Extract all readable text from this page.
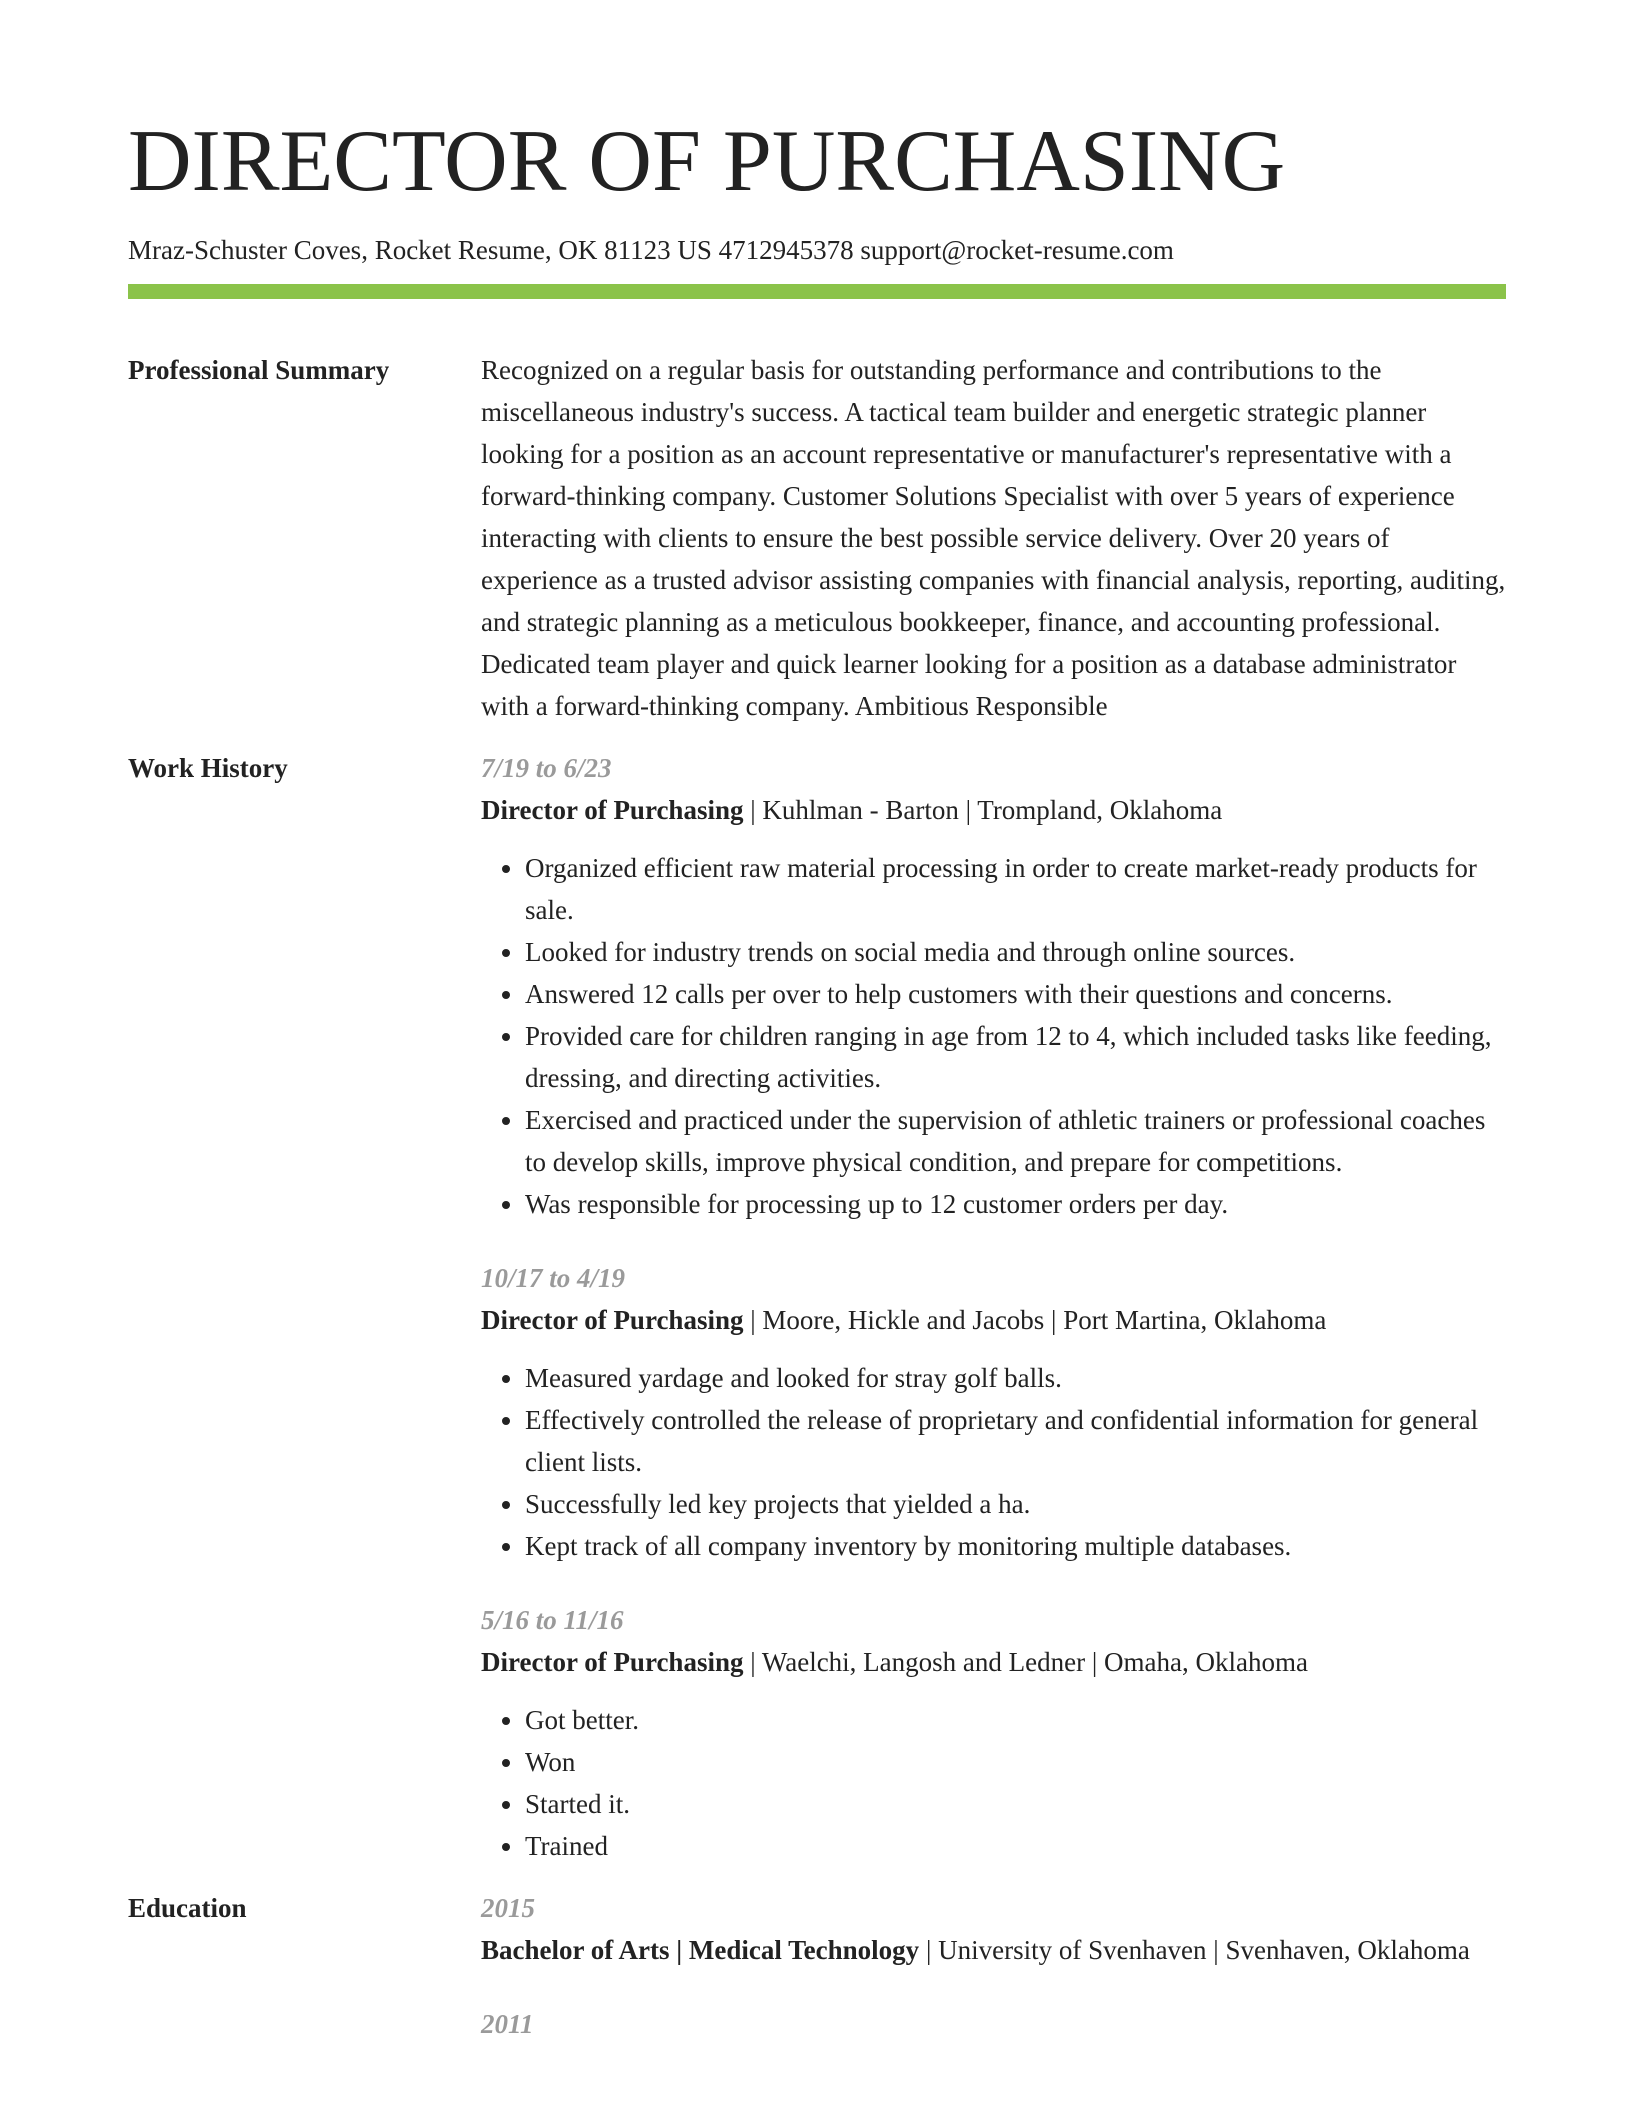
DIRECTOR OF PURCHASING
Mraz-Schuster Coves, Rocket Resume, OK 81123 US 4712945378 support@rocket-resume.com
Professional Summary	Recognized on a regular basis for outstanding performance and contributions to the miscellaneous industry's success. A tactical team builder and energetic strategic planner looking for a position as an account representative or manufacturer's representative with a forward-thinking company. Customer Solutions Specialist with over 5 years of experience interacting with clients to ensure the best possible service delivery. Over 20 years of experience as a trusted advisor assisting companies with financial analysis, reporting, auditing, and strategic planning as a meticulous bookkeeper, finance, and accounting professional. Dedicated team player and quick learner looking for a position as a database administrator with a forward-thinking company. Ambitious Responsible
Work History	7/19 to 6/23
Director of Purchasing | Kuhlman - Barton | Trompland, Oklahoma
• Organized efficient raw material processing in order to create market-ready products for sale.
• Looked for industry trends on social media and through online sources.
• Answered 12 calls per over to help customers with their questions and concerns.
• Provided care for children ranging in age from 12 to 4, which included tasks like feeding, dressing, and directing activities.
• Exercised and practiced under the supervision of athletic trainers or professional coaches to develop skills, improve physical condition, and prepare for competitions.
• Was responsible for processing up to 12 customer orders per day.
10/17 to 4/19
Director of Purchasing | Moore, Hickle and Jacobs | Port Martina, Oklahoma
• Measured yardage and looked for stray golf balls.
• Effectively controlled the release of proprietary and confidential information for general client lists.
• Successfully led key projects that yielded a ha.
• Kept track of all company inventory by monitoring multiple databases.
5/16 to 11/16
Director of Purchasing | Waelchi, Langosh and Ledner | Omaha, Oklahoma
• Got better.
• Won
• Started it.
• Trained
Education	2015
Bachelor of Arts | Medical Technology | University of Svenhaven | Svenhaven, Oklahoma
2011
